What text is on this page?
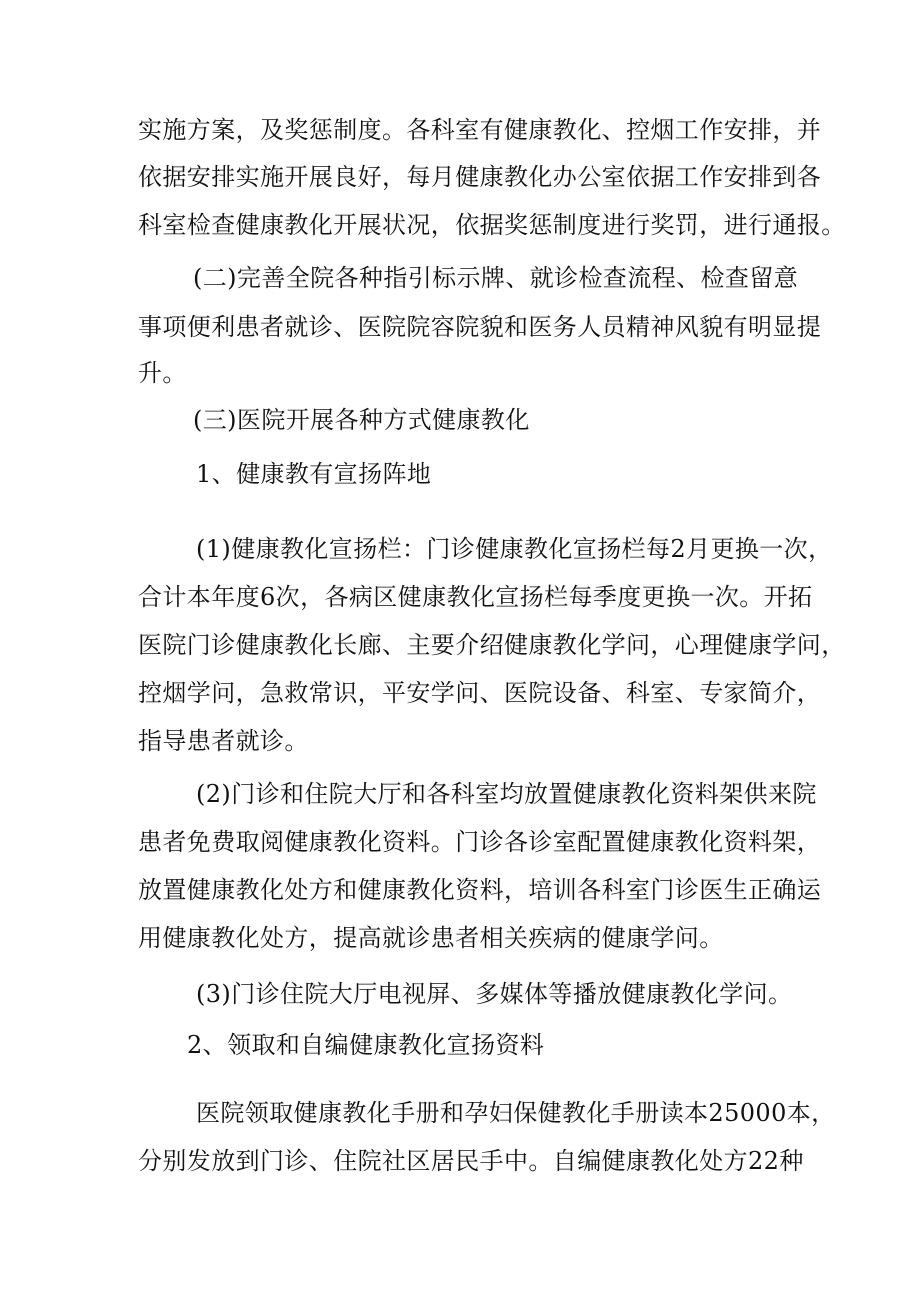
实施方案，及奖惩制度。各科室有健康教化、控烟工作安排，并
依据安排实施开展良好，每月健康教化办公室依据工作安排到各
科室检查健康教化开展状况，依据奖惩制度进行奖罚，进行通报。
(二)完善全院各种指引标示牌、就诊检查流程、检查留意
事项便利患者就诊、医院院容院貌和医务人员精神风貌有明显提
升。
(三)医院开展各种方式健康教化
1、健康教有宣扬阵地
(1)健康教化宣扬栏：门诊健康教化宣扬栏每2月更换一次，
合计本年度6次，各病区健康教化宣扬栏每季度更换一次。开拓
医院门诊健康教化长廊、主要介绍健康教化学问，心理健康学问，
控烟学问，急救常识，平安学问、医院设备、科室、专家简介，
指导患者就诊。
(2)门诊和住院大厅和各科室均放置健康教化资料架供来院
患者免费取阅健康教化资料。门诊各诊室配置健康教化资料架，
放置健康教化处方和健康教化资料，培训各科室门诊医生正确运
用健康教化处方，提高就诊患者相关疾病的健康学问。
(3)门诊住院大厅电视屏、多媒体等播放健康教化学问。
2、领取和自编健康教化宣扬资料
医院领取健康教化手册和孕妇保健教化手册读本25000本，
分别发放到门诊、住院社区居民手中。自编健康教化处方22种
